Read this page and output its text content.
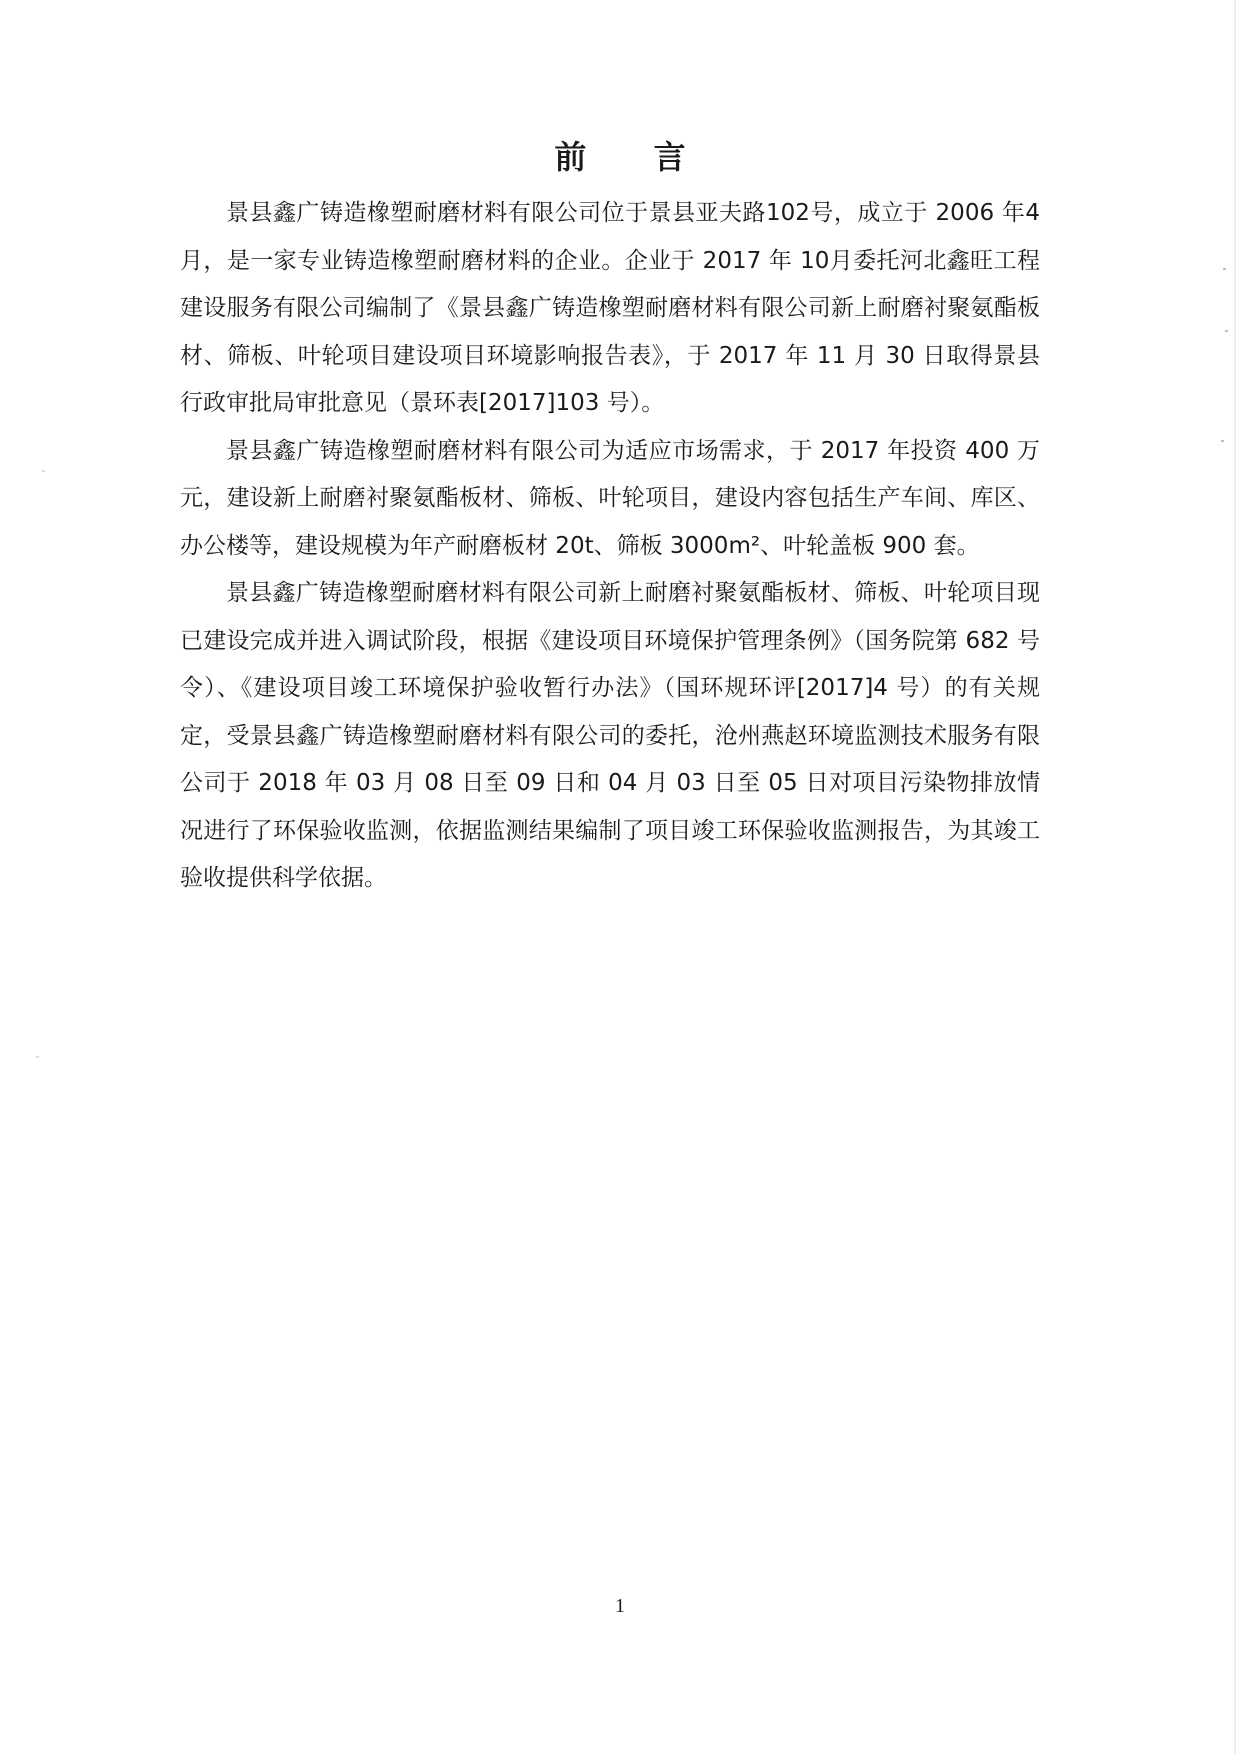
前 言

景县鑫广铸造橡塑耐磨材料有限公司位于景县亚夫路102号，成立于 2006 年4月，是一家专业铸造橡塑耐磨材料的企业。企业于 2017 年 10月委托河北鑫旺工程建设服务有限公司编制了《景县鑫广铸造橡塑耐磨材料有限公司新上耐磨衬聚氨酯板材、筛板、叶轮项目建设项目环境影响报告表》，于 2017 年 11 月 30 日取得景县行政审批局审批意见（景环表[2017]103 号）。

景县鑫广铸造橡塑耐磨材料有限公司为适应市场需求，于 2017 年投资 400 万元，建设新上耐磨衬聚氨酯板材、筛板、叶轮项目，建设内容包括生产车间、库区、办公楼等，建设规模为年产耐磨板材 20t、筛板 3000m²、叶轮盖板 900 套。

景县鑫广铸造橡塑耐磨材料有限公司新上耐磨衬聚氨酯板材、筛板、叶轮项目现已建设完成并进入调试阶段，根据《建设项目环境保护管理条例》（国务院第 682 号令）、《建设项目竣工环境保护验收暂行办法》（国环规环评[2017]4 号）的有关规定，受景县鑫广铸造橡塑耐磨材料有限公司的委托，沧州燕赵环境监测技术服务有限公司于 2018 年 03 月 08 日至 09 日和 04 月 03 日至 05 日对项目污染物排放情况进行了环保验收监测，依据监测结果编制了项目竣工环保验收监测报告，为其竣工验收提供科学依据。

1
